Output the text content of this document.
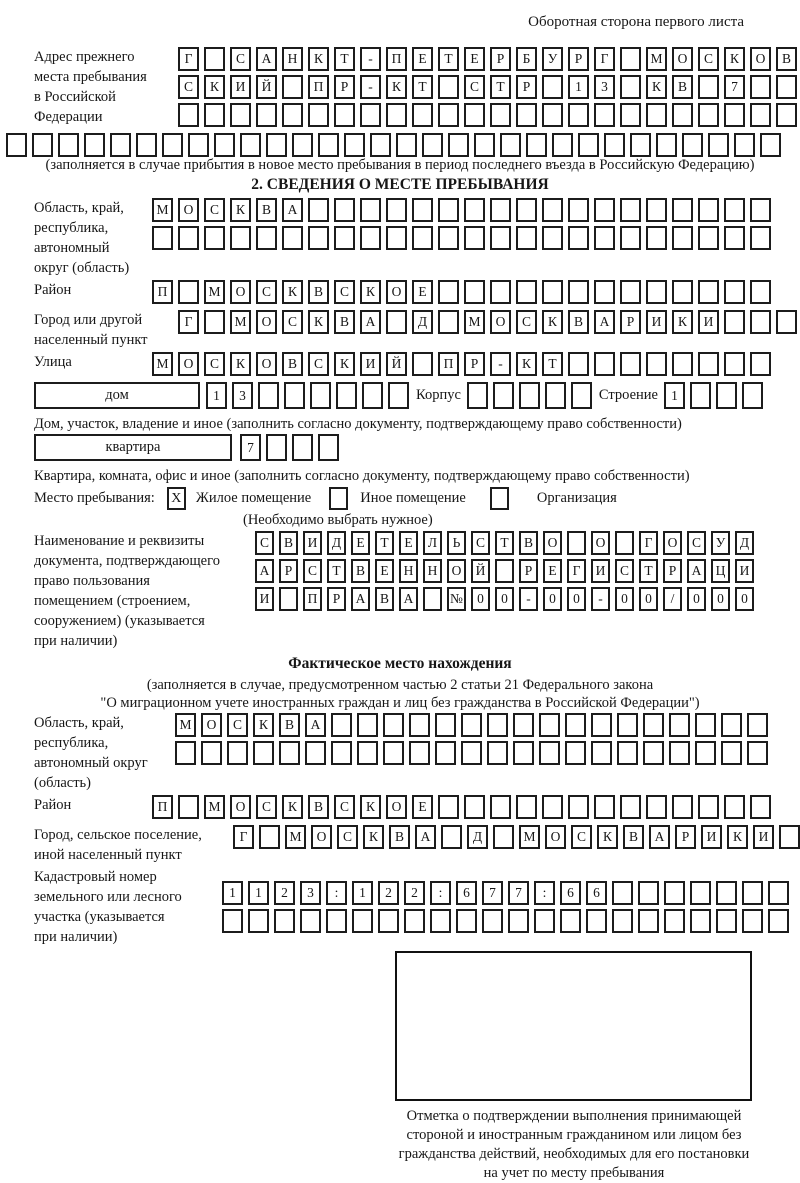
Оборотная сторона первого листа
Адрес прежнего
места пребывания
в Российской
Федерации
Г	С А Н К Т - П Е Т Е Р Б У Р Г	М О С К О В
С К И Й	П Р - К Т	С Т Р	1 3	К В	7
(заполняется в случае прибытия в новое место пребывания в период последнего въезда в Российскую Федерацию)
2. СВЕДЕНИЯ О МЕСТЕ ПРЕБЫВАНИЯ
Область, край,
республика,
автономный
округ (область)
М О С К В А
Район	П	М О С К В С К О Е
Город или другой
населенный пункт
Г	М О С К В А	Д	М О С К В А Р И К И
Улица	М О С К О В С К И Й	П Р - К Т
дом	1 3	Корпус	Строение 1
Дом, участок, владение и иное (заполнить согласно документу, подтверждающему право собственности)
квартира	7
Квартира, комната, офис и иное (заполнить согласно документу, подтверждающему право собственности)
Место пребывания:	X Жилое помещение	Иное помещение	Организация
(Необходимо выбрать нужное)
Наименование и реквизиты
документа, подтверждающего
право пользования
помещением (строением,
сооружением) (указывается
при наличии)
С В И Д Е Т Е Л Ь С Т В О	О	Г О С У Д
А Р С Т В Е Н Н О Й	Р Е Г И С Т Р А Ц И
И	П Р А В А	№ 0 0 - 0 0 - 0 0 / 0 0 0
Фактическое место нахождения
(заполняется в случае, предусмотренном частью 2 статьи 21 Федерального закона
"О миграционном учете иностранных граждан и лиц без гражданства в Российской Федерации")
Область, край,
республика,
автономный округ
(область)
М О С К В А
Район	П	М О С К В С К О Е
Город, сельское поселение,
иной населенный пункт
Г	М О С К В А	Д	М О С К В А Р И К И
Кадастровый номер
земельного или лесного
участка (указывается
при наличии)
1 1 2 3 : 1 2 2 : 6 7 7 : 6 6
Отметка о подтверждении выполнения принимающей
стороной и иностранным гражданином или лицом без
гражданства действий, необходимых для его постановки
на учет по месту пребывания
